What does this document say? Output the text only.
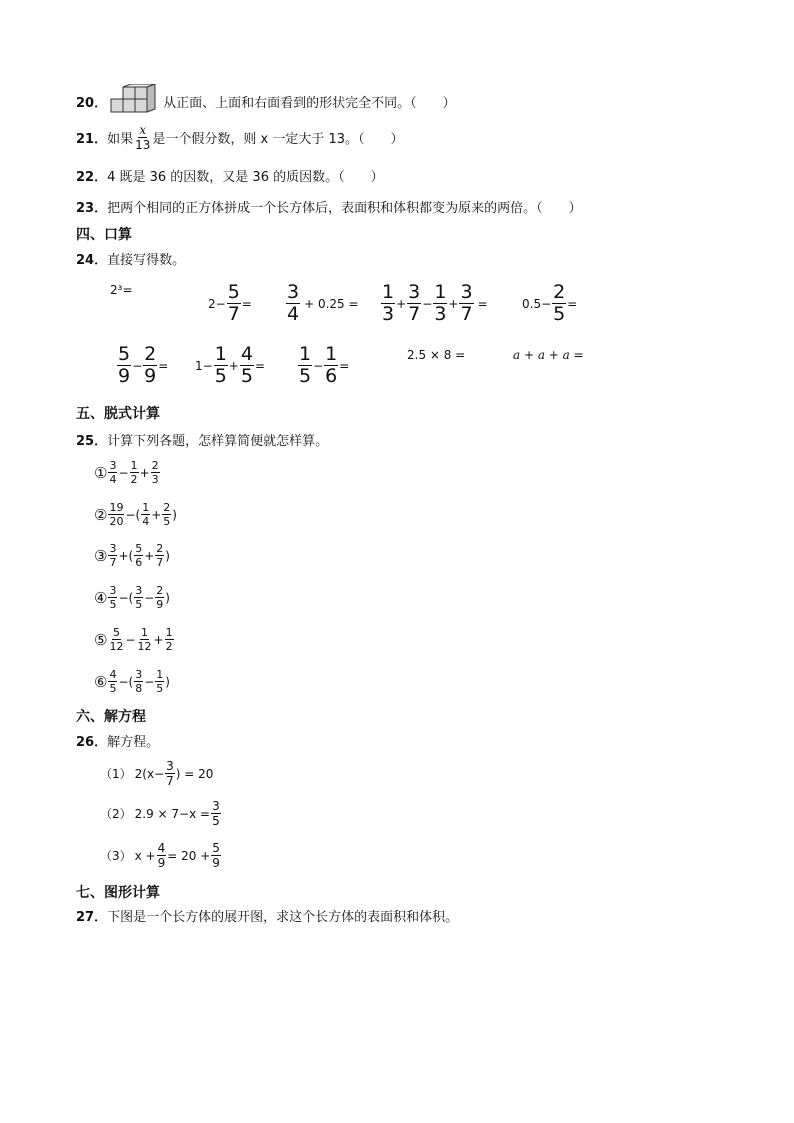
20．	从正面、上面和右面看到的形状完全不同。（　　）
21． 如果 $\frac{x}{13}$ 是一个假分数，则 x 一定大于 13。（　　）
22． 4 既是 36 的因数，又是 36 的质因数。（　　）
23． 把两个相同的正方体拼成一个长方体后，表面积和体积都变为原来的两倍。（　　）
四、口算
24． 直接写得数。
2³=
$2- \frac{5}{7} = \frac{3}{4} + 0.25 = \frac{1}{3} + \frac{3}{7} - \frac{1}{3} + \frac{3}{7}$ =	$0.5- \frac{2}{5}$ =
$\frac{5}{9} - \frac{2}{9} = 1- \frac{1}{5} + \frac{4}{5} = \frac{1}{5} - \frac{1}{6}$ =
2.5 × 8 =	a + a + a =
五、脱式计算
25． 计算下列各题，怎样算简便就怎样算。
① $\frac{3}{4} - \frac{1}{2} + \frac{2}{3}$
② $\frac{19}{20}$ −( $\frac{1}{4} + \frac{2}{5}$ )
③ $\frac{3}{7}$ +( $\frac{5}{6} + \frac{2}{7}$ )
④ $\frac{3}{5}$ −( $\frac{3}{5} - \frac{2}{9}$ )
⑤ $\frac{5}{12} - \frac{1}{12} + \frac{1}{2}$
⑥ $\frac{4}{5}$ −( $\frac{3}{8} - \frac{1}{5}$ )
六、解方程
26． 解方程。
（1） $2(x- \frac{3}{7}$ ) = 20
（2） $2.9 \times 7-x = \frac{3}{5}$
（3） $x + \frac{4}{9} = 20 + \frac{5}{9}$
七、图形计算
27． 下图是一个长方体的展开图，求这个长方体的表面积和体积。
